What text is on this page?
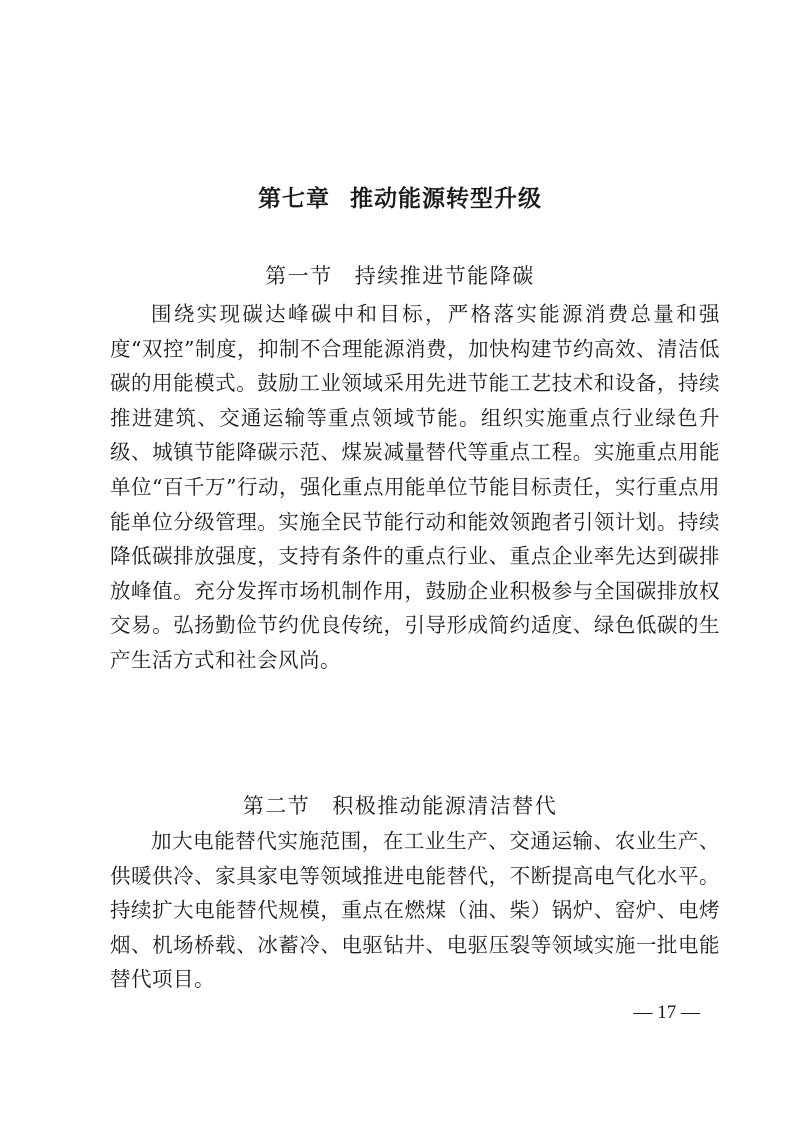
第七章 推动能源转型升级
第一节 持续推进节能降碳

围绕实现碳达峰碳中和目标，严格落实能源消费总量和强度“双控”制度，抑制不合理能源消费，加快构建节约高效、清洁低碳的用能模式。鼓励工业领域采用先进节能工艺技术和设备，持续推进建筑、交通运输等重点领域节能。组织实施重点行业绿色升级、城镇节能降碳示范、煤炭减量替代等重点工程。实施重点用能单位“百千万”行动，强化重点用能单位节能目标责任，实行重点用能单位分级管理。实施全民节能行动和能效领跑者引领计划。持续降低碳排放强度，支持有条件的重点行业、重点企业率先达到碳排放峰值。充分发挥市场机制作用，鼓励企业积极参与全国碳排放权交易。弘扬勤俭节约优良传统，引导形成简约适度、绿色低碳的生产生活方式和社会风尚。

第二节 积极推动能源清洁替代

加大电能替代实施范围，在工业生产、交通运输、农业生产、供暖供冷、家具家电等领域推进电能替代，不断提高电气化水平。持续扩大电能替代规模，重点在燃煤（油、柴）锅炉、窑炉、电烤烟、机场桥载、冰蓄冷、电驱钻井、电驱压裂等领域实施一批电能替代项目。

— 17 —
